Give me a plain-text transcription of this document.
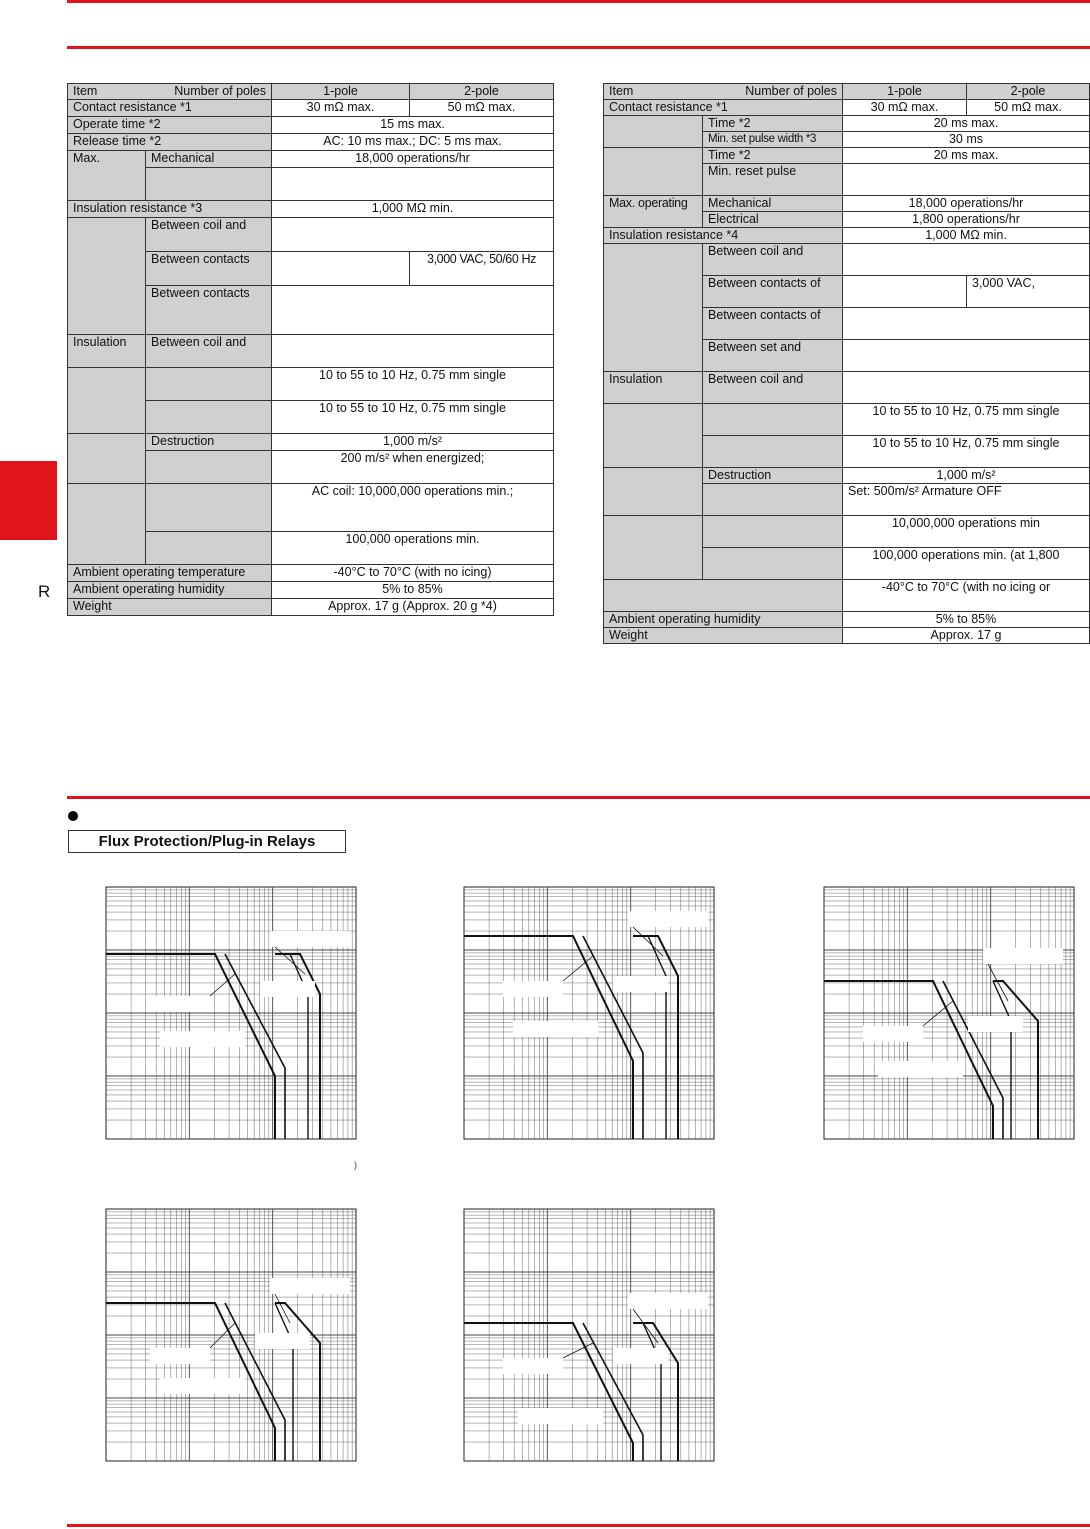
R
Item Number of poles		1-pole	2-pole
Contact resistance *1		30 mΩ max.	50 mΩ max.
Operate time *2		15 ms max.	
Release time *2		AC: 10 ms max.; DC: 5 ms max.	
Max.	Mechanical	18,000 operations/hr	

Insulation resistance *3		1,000 MΩ min.	
	Between coil and		
	Between contacts		3,000 VAC, 50/60 Hz
	Between contacts		
Insulation	Between coil and		
		10 to 55 to 10 Hz, 0.75 mm single	
		10 to 55 to 10 Hz, 0.75 mm single	
	Destruction	1,000 m/s²	
		200 m/s² when energized;	
		AC coil: 10,000,000 operations min.;	
		100,000 operations min.	
Ambient operating temperature		-40°C to 70°C (with no icing)	
Ambient operating humidity		5% to 85%	
Weight		Approx. 17 g (Approx. 20 g *4)	
Item Number of poles		1-pole	2-pole
Contact resistance *1		30 mΩ max.	50 mΩ max.
	Time *2	20 ms max.	
	Min. set pulse width *3	30 ms	
	Time *2	20 ms max.	
	Min. reset pulse		
Max. operating	Mechanical	18,000 operations/hr	
	Electrical	1,800 operations/hr	
Insulation resistance *4		1,000 MΩ min.	
	Between coil and		
	Between contacts of		3,000 VAC,
	Between contacts of		
	Between set and		
Insulation	Between coil and		
		10 to 55 to 10 Hz, 0.75 mm single	
		10 to 55 to 10 Hz, 0.75 mm single	
	Destruction	1,000 m/s²	
		Set: 500m/s² Armature OFF	
		10,000,000 operations min	
		100,000 operations min. (at 1,800	
		-40°C to 70°C (with no icing or	
Ambient operating humidity		5% to 85%	
Weight		Approx. 17 g	
Flux Protection/Plug-in Relays
)
